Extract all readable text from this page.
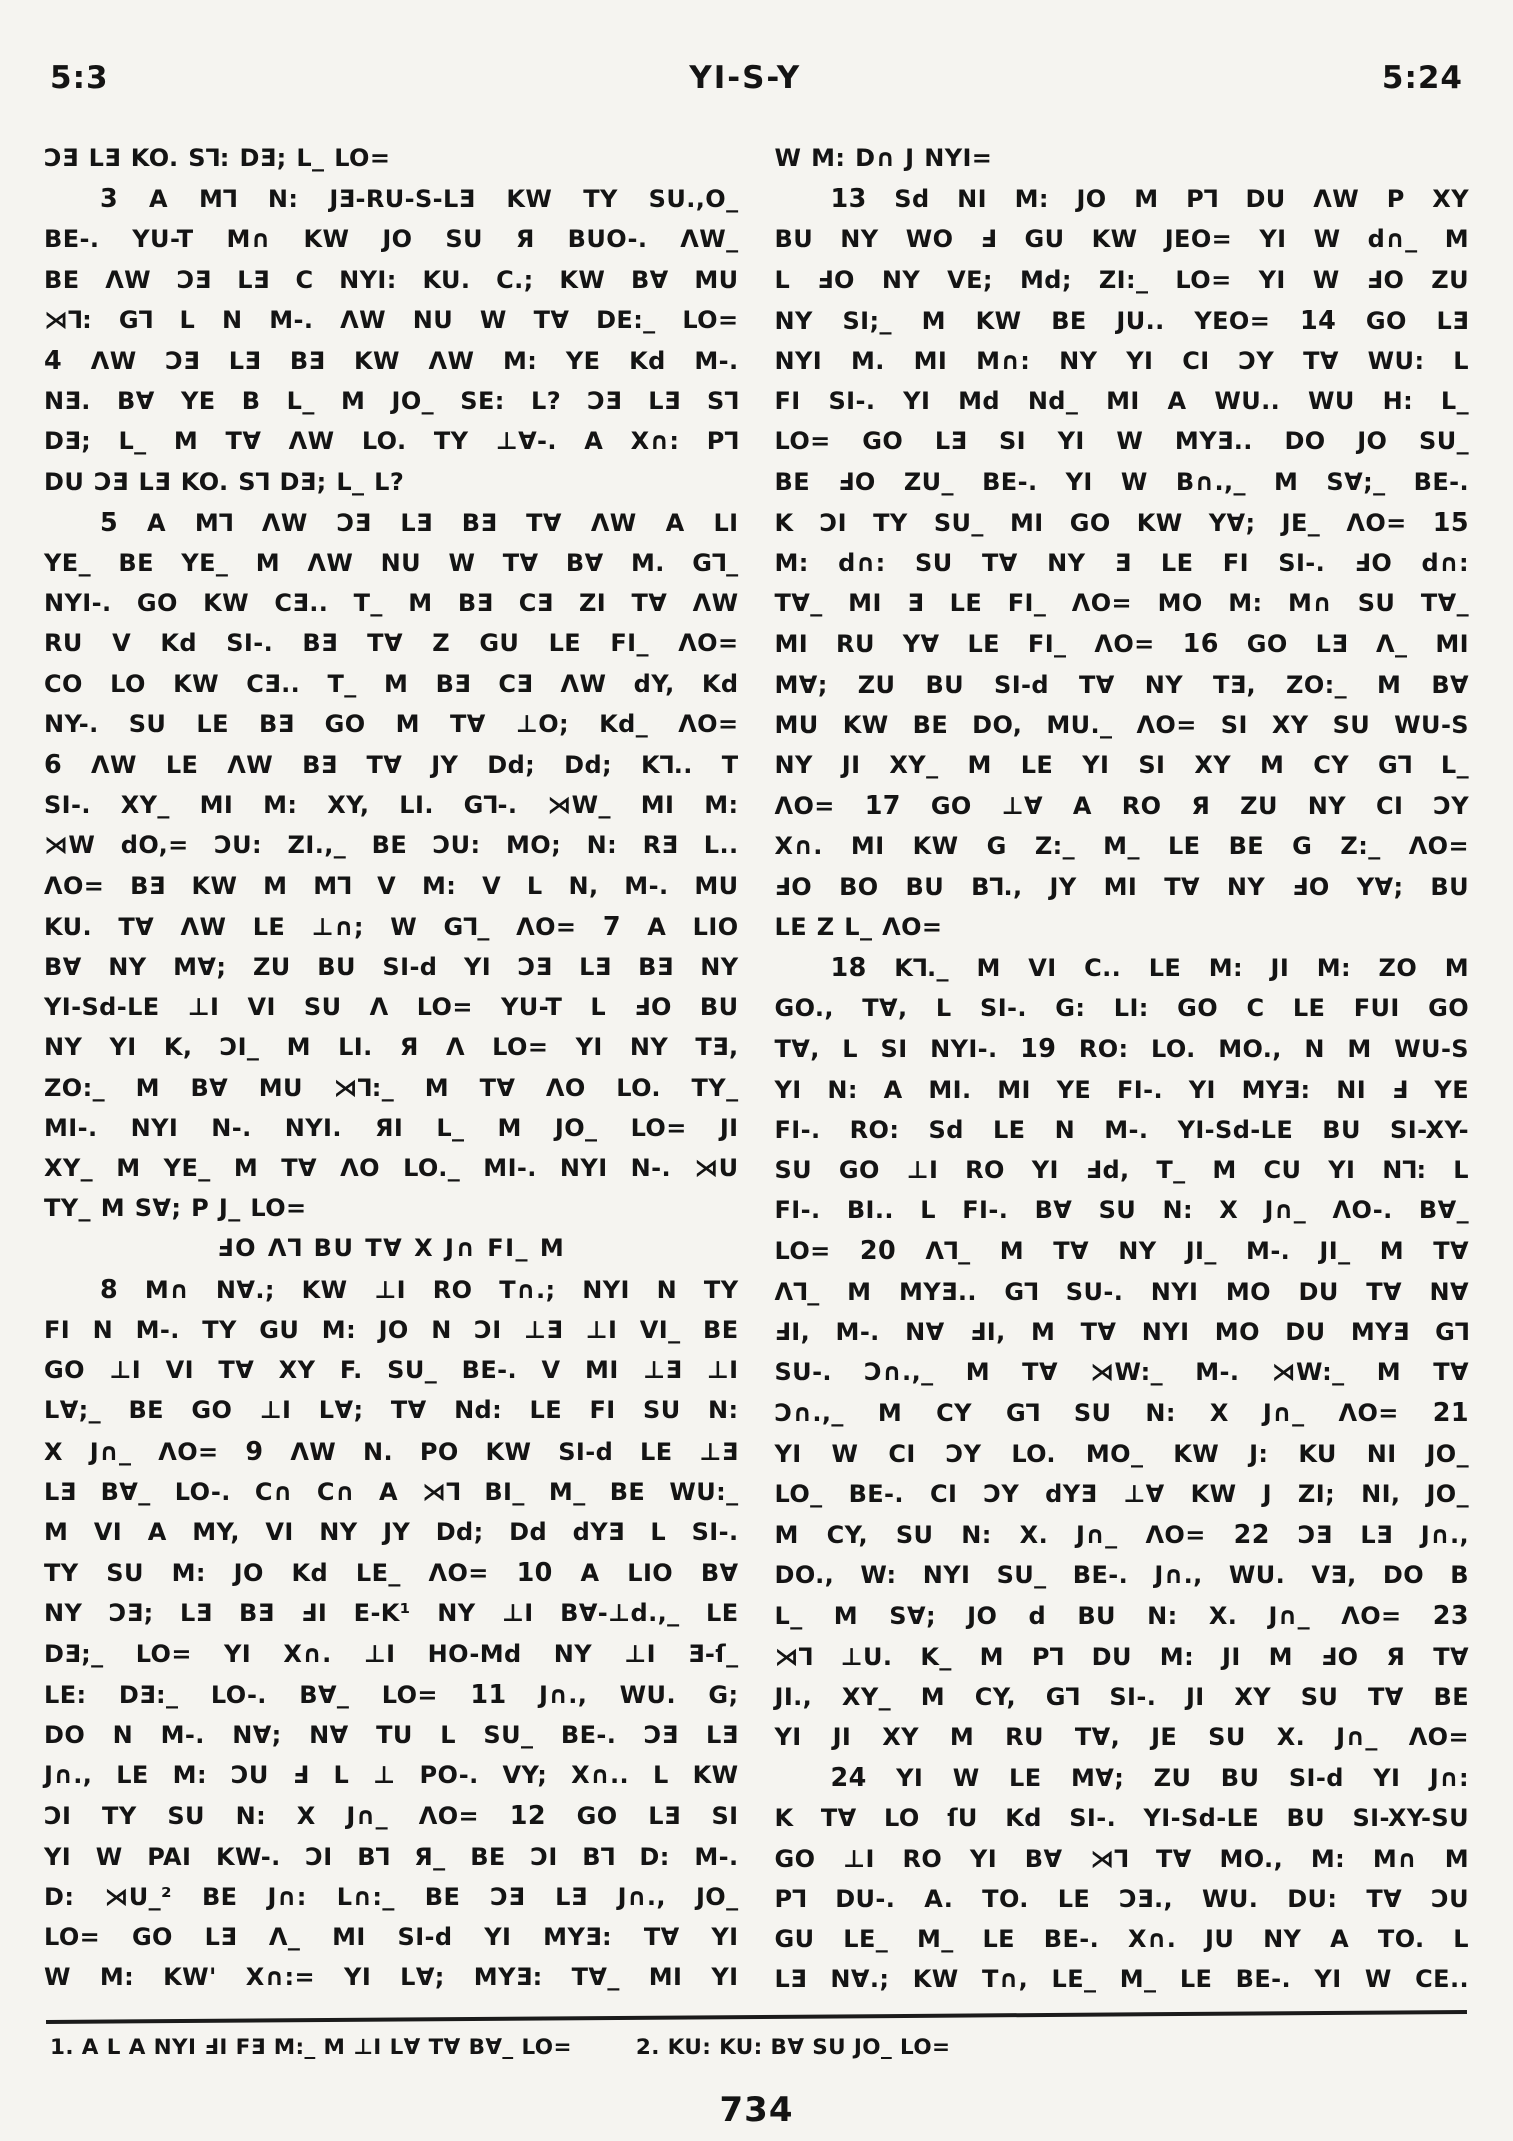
5:3	YI-S-Y	5:24
ƆƎ LƎ KO. S⅂: DƎ; L_ LO=
3 A M⅂ N: JƎ-RU-S-LƎ KW TY SU.,O_
BE-. YU-T M∩ KW JO SU Я BUO-. ΛW_
BE ΛW ƆƎ LƎ C NYI: KU. C.; KW B∀ MU
⋊⅂: G⅂ L N M-. ΛW NU W T∀ DE:_ LO=
4 ΛW ƆƎ LƎ BƎ KW ΛW M: YE Kd M-.
NƎ. B∀ YE B L_ M JO_ SE: L? ƆƎ LƎ S⅂
DƎ; L_ M T∀ ΛW LO. TY ⊥∀-. A X∩: P⅂
DU ƆƎ LƎ KO. S⅂ DƎ; L_ L?
5 A M⅂ ΛW ƆƎ LƎ BƎ T∀ ΛW A LI
YE_ BE YE_ M ΛW NU W T∀ B∀ M. G⅂_
NYI-. GO KW CƎ.. T_ M BƎ CƎ ZI T∀ ΛW
RU V Kd SI-. BƎ T∀ Z GU LE FI_ ΛO=
CO LO KW CƎ.. T_ M BƎ CƎ ΛW dY, Kd
NY-. SU LE BƎ GO M T∀ ⊥O; Kd_ ΛO=
6 ΛW LE ΛW BƎ T∀ JY Dd; Dd; K⅂.. T
SI-. XY_ MI M: XY, LI. G⅂-. ⋊W_ MI M:
⋊W dO,= ƆU: ZI.,_ BE ƆU: MO; N: RƎ L..
ΛO= BƎ KW M M⅂ V M: V L N, M-. MU
KU. T∀ ΛW LE ⊥∩; W G⅂_ ΛO= 7 A LIO
B∀ NY M∀; ZU BU SI-d YI ƆƎ LƎ BƎ NY
YI-Sd-LE ⊥I VI SU Λ LO= YU-T L ℲO BU
NY YI K, ƆI_ M LI. Я Λ LO= YI NY TƎ,
ZO:_ M B∀ MU ⋊⅂:_ M T∀ ΛO LO. TY_
MI-. NYI N-. NYI. ЯI L_ M JO_ LO= JI
XY_ M YE_ M T∀ ΛO LO._ MI-. NYI N-. ⋊U
TY_ M S∀; P J_ LO=
ℲO Λ⅂ BU T∀ X J∩ FI_ M
8 M∩ N∀.; KW ⊥I RO T∩.; NYI N TY
FI N M-. TY GU M: JO N ƆI ⊥Ǝ ⊥I VI_ BE
GO ⊥I VI T∀ XY F. SU_ BE-. V MI ⊥Ǝ ⊥I
L∀;_ BE GO ⊥I L∀; T∀ Nd: LE FI SU N:
X J∩_ ΛO= 9 ΛW N. PO KW SI-d LE ⊥Ǝ
LƎ B∀_ LO-. C∩ C∩ A ⋊⅂ BI_ M_ BE WU:_
M VI A MY, VI NY JY Dd; Dd dYƎ L SI-.
TY SU M: JO Kd LE_ ΛO= 10 A LIO B∀
NY ƆƎ; LƎ BƎ ℲI E-K¹ NY ⊥I B∀-⊥d.,_ LE
DƎ;_ LO= YI X∩. ⊥I HO-Md NY ⊥I Ǝ-ſ_
LE: DƎ:_ LO-. B∀_ LO= 11 J∩., WU. G;
DO N M-. N∀; N∀ TU L SU_ BE-. ƆƎ LƎ
J∩., LE M: ƆU Ⅎ L ⊥ PO-. VY; X∩.. L KW
ƆI TY SU N: X J∩_ ΛO= 12 GO LƎ SI
YI W PAI KW-. ƆI B⅂ Я_ BE ƆI B⅂ D: M-.
D: ⋊U_² BE J∩: L∩:_ BE ƆƎ LƎ J∩., JO_
LO= GO LƎ Λ_ MI SI-d YI MYƎ: T∀ YI
W M: KW' X∩:= YI L∀; MYƎ: T∀_ MI YI
W M: D∩ J NYI=
13 Sd NI M: JO M P⅂ DU ΛW P XY
BU NY WO Ⅎ GU KW JEO= YI W d∩_ M
L ℲO NY VE; Md; ZI:_ LO= YI W ℲO ZU
NY SI;_ M KW BE JU.. YEO= 14 GO LƎ
NYI M. MI M∩: NY YI CI ƆY T∀ WU: L
FI SI-. YI Md Nd_ MI A WU.. WU H: L_
LO= GO LƎ SI YI W MYƎ.. DO JO SU_
BE ℲO ZU_ BE-. YI W B∩.,_ M S∀;_ BE-.
K ƆI TY SU_ MI GO KW Y∀; JE_ ΛO= 15
M: d∩: SU T∀ NY Ǝ LE FI SI-. ℲO d∩:
T∀_ MI Ǝ LE FI_ ΛO= MO M: M∩ SU T∀_
MI RU Y∀ LE FI_ ΛO= 16 GO LƎ Λ_ MI
M∀; ZU BU SI-d T∀ NY TƎ, ZO:_ M B∀
MU KW BE DO, MU._ ΛO= SI XY SU WU-S
NY JI XY_ M LE YI SI XY M CY G⅂ L_
ΛO= 17 GO ⊥∀ A RO Я ZU NY CI ƆY
X∩. MI KW G Z:_ M_ LE BE G Z:_ ΛO=
ℲO BO BU B⅂., JY MI T∀ NY ℲO Y∀; BU
LE Z L_ ΛO=
18 K⅂._ M VI C.. LE M: JI M: ZO M
GO., T∀, L SI-. G: LI: GO C LE FUI GO
T∀, L SI NYI-. 19 RO: LO. MO., N M WU-S
YI N: A MI. MI YE FI-. YI MYƎ: NI Ⅎ YE
FI-. RO: Sd LE N M-. YI-Sd-LE BU SI-XY-
SU GO ⊥I RO YI Ⅎd, T_ M CU YI N⅂: L
FI-. BI.. L FI-. B∀ SU N: X J∩_ ΛO-. B∀_
LO= 20 Λ⅂_ M T∀ NY JI_ M-. JI_ M T∀
Λ⅂_ M MYƎ.. G⅂ SU-. NYI MO DU T∀ N∀
ℲI, M-. N∀ ℲI, M T∀ NYI MO DU MYƎ G⅂
SU-. Ɔ∩.,_ M T∀ ⋊W:_ M-. ⋊W:_ M T∀
Ɔ∩.,_ M CY G⅂ SU N: X J∩_ ΛO= 21
YI W CI ƆY LO. MO_ KW J: KU NI JO_
LO_ BE-. CI ƆY dYƎ ⊥∀ KW J ZI; NI, JO_
M CY, SU N: X. J∩_ ΛO= 22 ƆƎ LƎ J∩.,
DO., W: NYI SU_ BE-. J∩., WU. VƎ, DO B
L_ M S∀; JO d BU N: X. J∩_ ΛO= 23
⋊⅂ ⊥U. K_ M P⅂ DU M: JI M ℲO Я T∀
JI., XY_ M CY, G⅂ SI-. JI XY SU T∀ BE
YI JI XY M RU T∀, JE SU X. J∩_ ΛO=
24 YI W LE M∀; ZU BU SI-d YI J∩:
K T∀ LO ſU Kd SI-. YI-Sd-LE BU SI-XY-SU
GO ⊥I RO YI B∀ ⋊⅂ T∀ MO., M: M∩ M
P⅂ DU-. A. TO. LE ƆƎ., WU. DU: T∀ ƆU
GU LE_ M_ LE BE-. X∩. JU NY A TO. L
LƎ N∀.; KW T∩, LE_ M_ LE BE-. YI W CE..
1. A L A NYI ℲI FƎ M:_ M ⊥I L∀ T∀ B∀_ LO=	2. KU: KU: B∀ SU JO_ LO=
734
